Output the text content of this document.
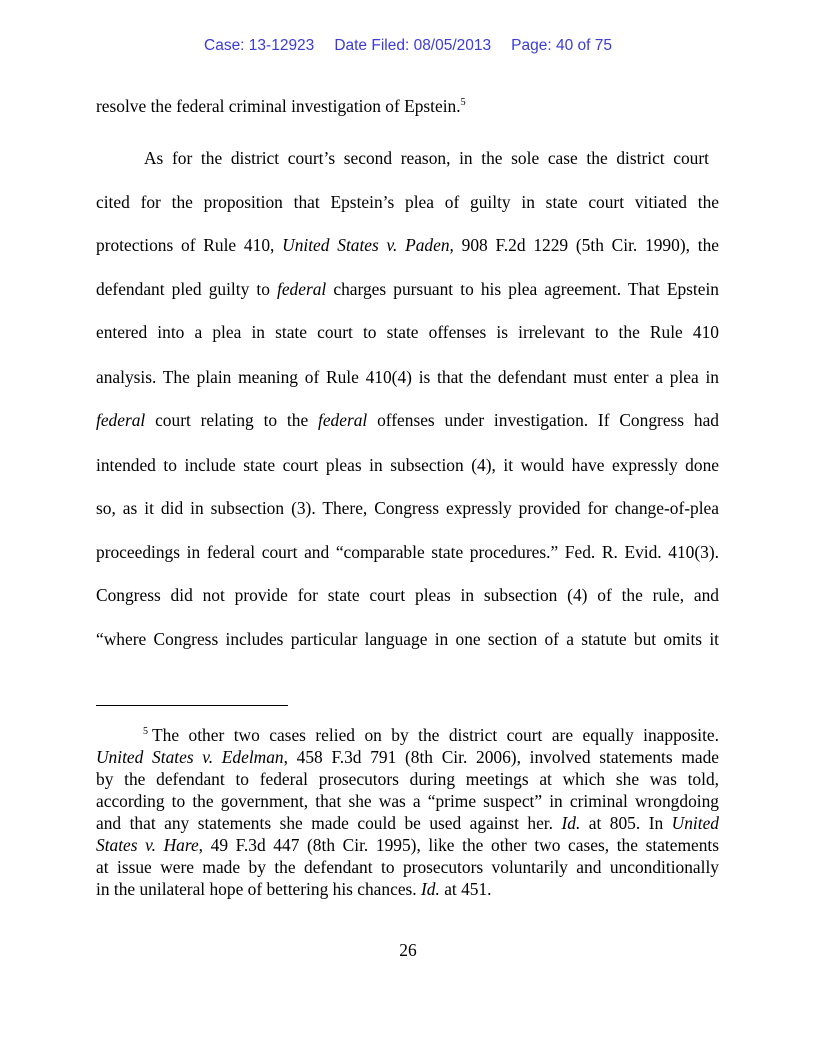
Case: 13-12923 Date Filed: 08/05/2013 Page: 40 of 75
resolve the federal criminal investigation of Epstein.$^5$
As for the district court’s second reason, in the sole case the district court
cited for the proposition that Epstein’s plea of guilty in state court vitiated the
protections of Rule 410, United States v. Paden, 908 F.2d 1229 (5th Cir. 1990), the
defendant pled guilty to federal charges pursuant to his plea agreement. That Epstein
entered into a plea in state court to state offenses is irrelevant to the Rule 410
analysis. The plain meaning of Rule 410(4) is that the defendant must enter a plea in
federal court relating to the federal offenses under investigation. If Congress had
intended to include state court pleas in subsection (4), it would have expressly done
so, as it did in subsection (3). There, Congress expressly provided for change-of-plea
proceedings in federal court and “comparable state procedures.” Fed. R. Evid. 410(3).
Congress did not provide for state court pleas in subsection (4) of the rule, and
“where Congress includes particular language in one section of a statute but omits it
$^5$ The other two cases relied on by the district court are equally inapposite.
United States v. Edelman, 458 F.3d 791 (8th Cir. 2006), involved statements made
by the defendant to federal prosecutors during meetings at which she was told,
according to the government, that she was a “prime suspect” in criminal wrongdoing
and that any statements she made could be used against her. Id. at 805. In United
States v. Hare, 49 F.3d 447 (8th Cir. 1995), like the other two cases, the statements
at issue were made by the defendant to prosecutors voluntarily and unconditionally
in the unilateral hope of bettering his chances. Id. at 451.
26
